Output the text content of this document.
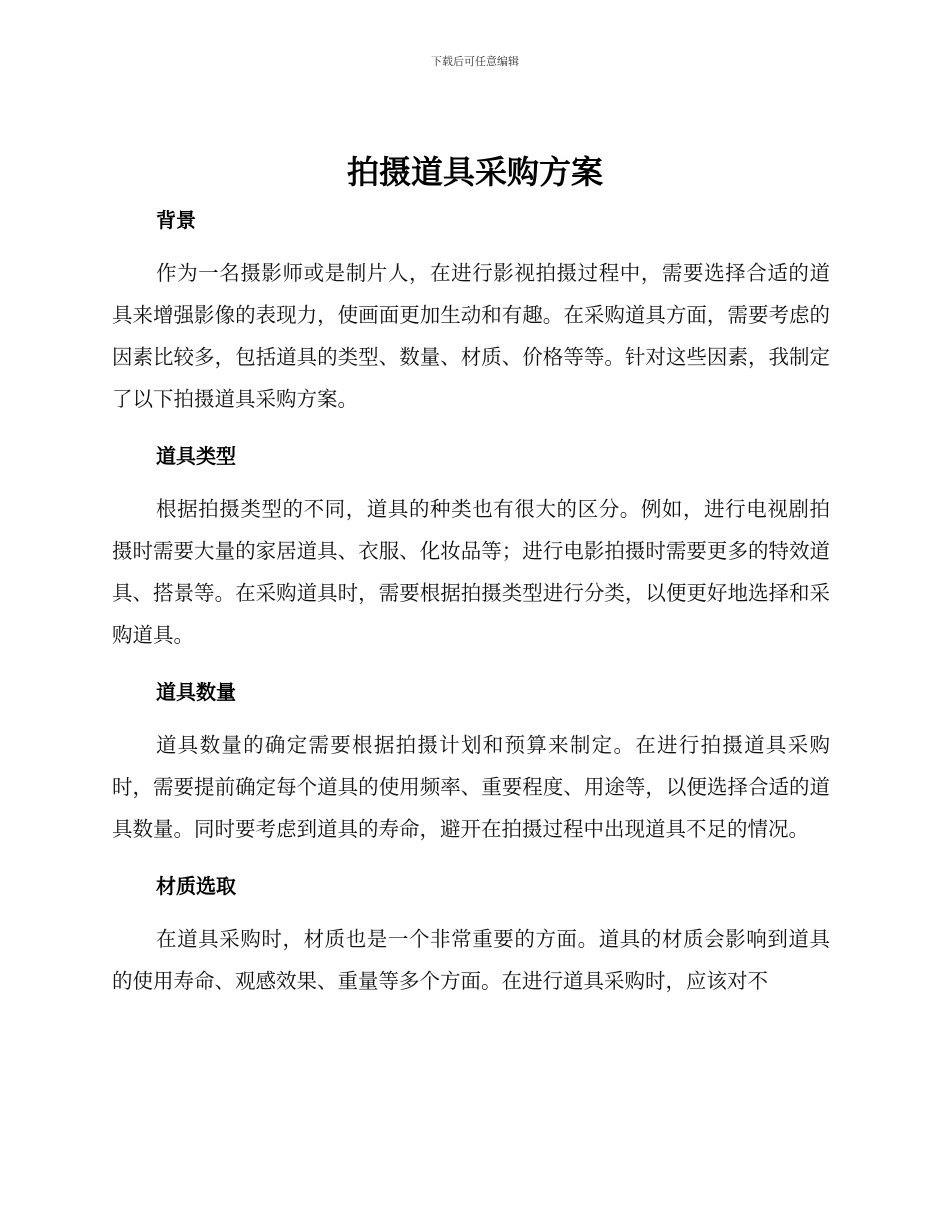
下载后可任意编辑
拍摄道具采购方案
背景

作为一名摄影师或是制片人，在进行影视拍摄过程中，需要选择合适的道具来增强影像的表现力，使画面更加生动和有趣。在采购道具方面，需要考虑的因素比较多，包括道具的类型、数量、材质、价格等等。针对这些因素，我制定了以下拍摄道具采购方案。

道具类型

根据拍摄类型的不同，道具的种类也有很大的区分。例如，进行电视剧拍摄时需要大量的家居道具、衣服、化妆品等；进行电影拍摄时需要更多的特效道具、搭景等。在采购道具时，需要根据拍摄类型进行分类，以便更好地选择和采购道具。

道具数量

道具数量的确定需要根据拍摄计划和预算来制定。在进行拍摄道具采购时，需要提前确定每个道具的使用频率、重要程度、用途等，以便选择合适的道具数量。同时要考虑到道具的寿命，避开在拍摄过程中出现道具不足的情况。

材质选取

在道具采购时，材质也是一个非常重要的方面。道具的材质会影响到道具的使用寿命、观感效果、重量等多个方面。在进行道具采购时，应该对不
